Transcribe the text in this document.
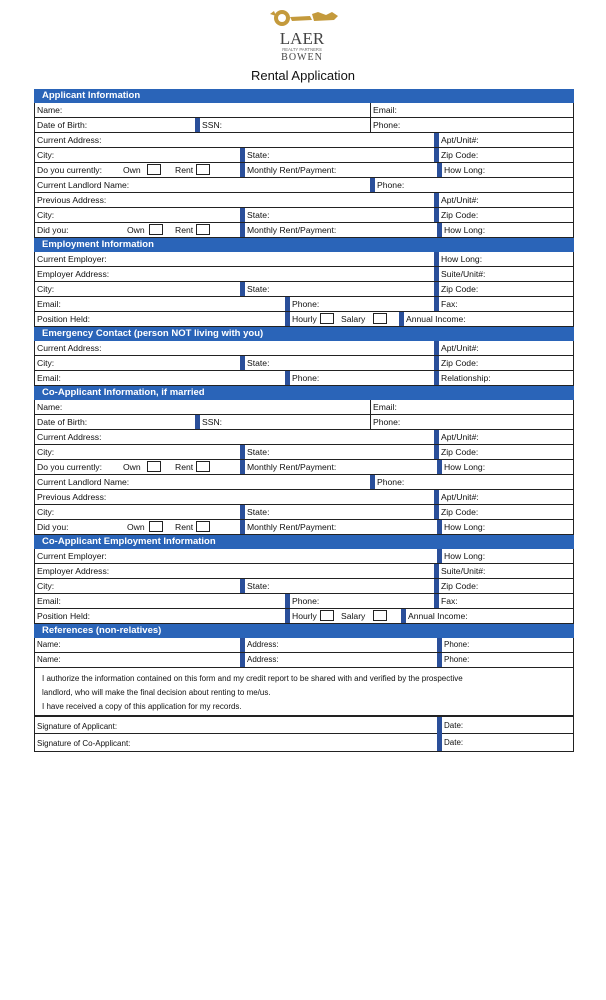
LAER
REALTY PARTNERS
BOWEN
Rental Application
Applicant Information
Name:	Email:
Date of Birth:	SSN:	Phone:
Current Address:	Apt/Unit#:
City:	State:	Zip Code:
Do you currently: Own	Rent	Monthly Rent/Payment:	How Long:
Current Landlord Name:	Phone:
Previous Address:	Apt/Unit#:
City:	State:	Zip Code:
Did you:	Own	Rent	Monthly Rent/Payment:	How Long:
Employment Information
Current Employer:	How Long:
Employer Address:	Suite/Unit#:
City:	State:	Zip Code:
Email:	Phone:	Fax:
Position Held:	Hourly	Salary	Annual Income:
Emergency Contact (person NOT living with you)
Current Address:	Apt/Unit#:
City:	State:	Zip Code:
Email:	Phone:	Relationship:
Co-Applicant Information, if married
Name:	Email:
Date of Birth:	SSN:	Phone:
Current Address:	Apt/Unit#:
City:	State:	Zip Code:
Do you currently: Own	Rent	Monthly Rent/Payment:	How Long:
Current Landlord Name:	Phone:
Previous Address:	Apt/Unit#:
City:	State:	Zip Code:
Did you:	Own	Rent	Monthly Rent/Payment:	How Long:
Co-Applicant Employment Information
Current Employer:	How Long:
Employer Address:	Suite/Unit#:
City:	State:	Zip Code:
Email:	Phone:	Fax:
Position Held:	Hourly	Salary	Annual Income:
References (non-relatives)
Name:	Address:	Phone:
Name:	Address:	Phone:
I authorize the information contained on this form and my credit report to be shared with and verified by the prospective
landlord, who will make the final decision about renting to me/us.
I have received a copy of this application for my records.
Signature of Applicant:	Date:
Signature of Co-Applicant:	Date:
